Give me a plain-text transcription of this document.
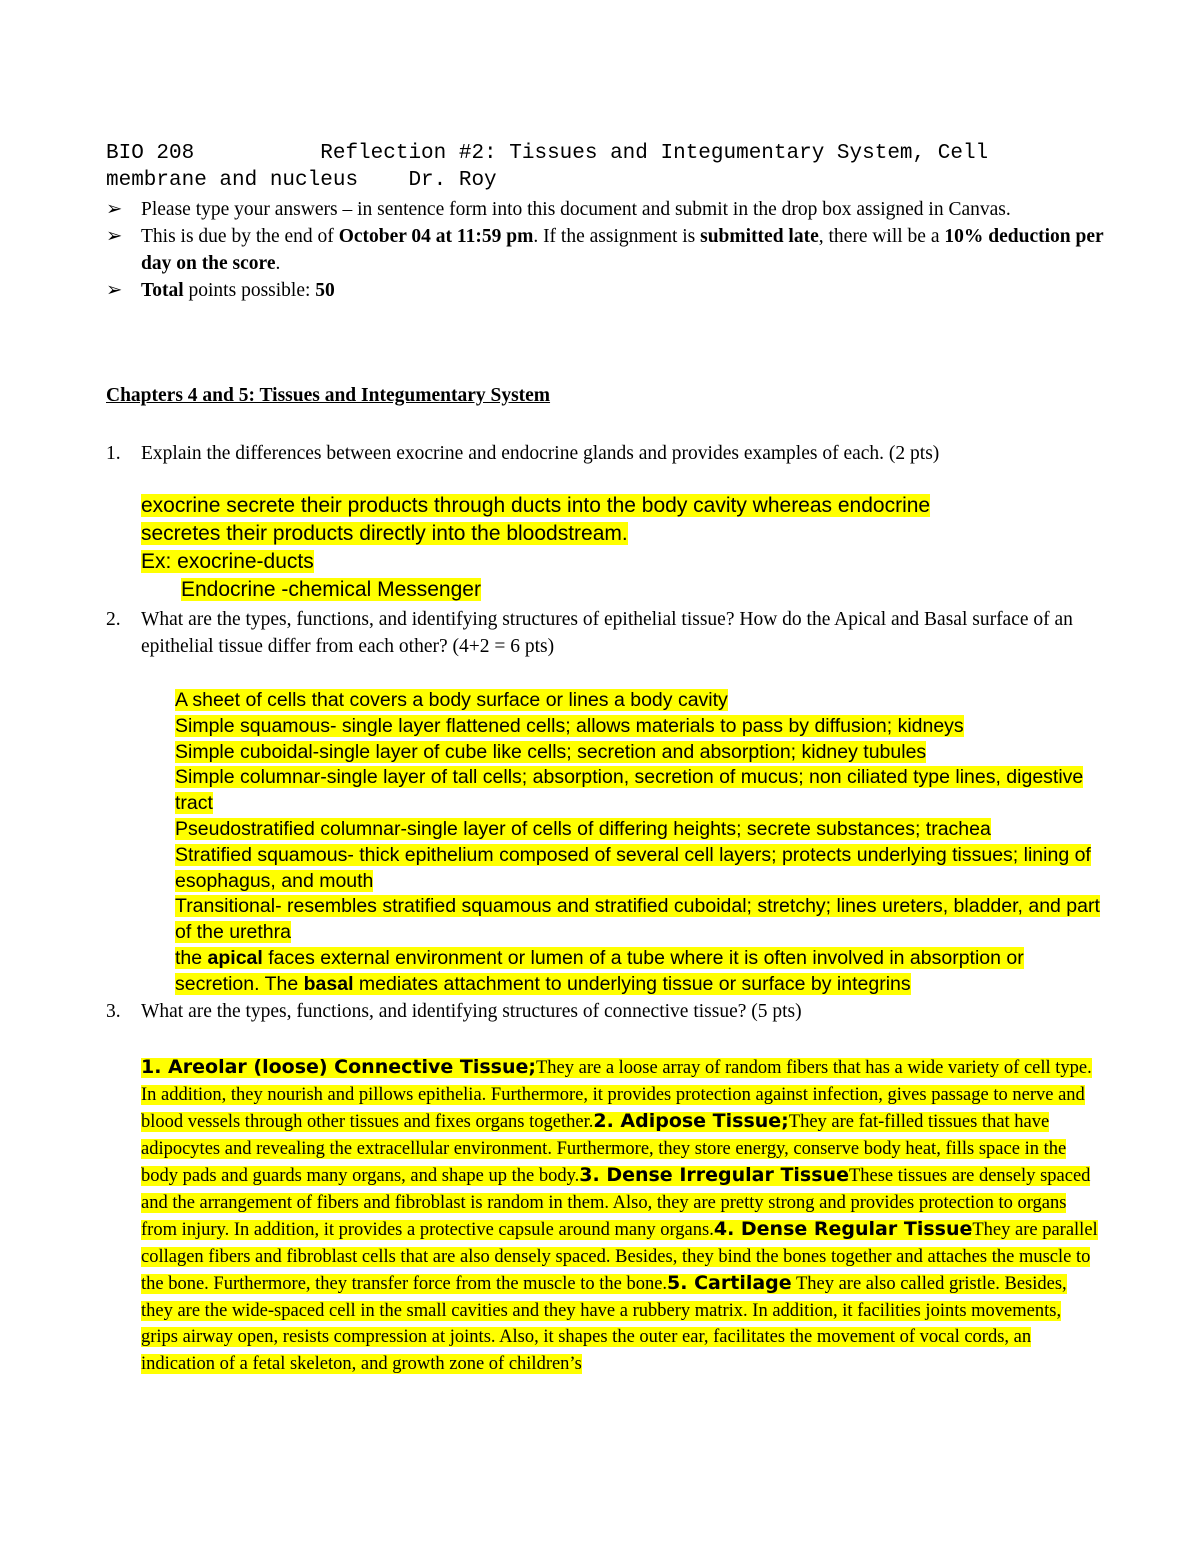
BIO 208          Reflection #2: Tissues and Integumentary System, Cell
membrane and nucleus    Dr. Roy
➢ Please type your answers – in sentence form into this document and submit in the drop box assigned in Canvas.
➢ This is due by the end of October 04 at 11:59 pm. If the assignment is submitted late, there will be a 10% deduction per day on the score.
➢ Total points possible: 50
Chapters 4 and 5: Tissues and Integumentary System
1. Explain the differences between exocrine and endocrine glands and provides examples of each. (2 pts)
exocrine secrete their products through ducts into the body cavity whereas endocrine
secretes their products directly into the bloodstream.
Ex: exocrine-ducts
Endocrine -chemical Messenger
2. What are the types, functions, and identifying structures of epithelial tissue? How do the Apical and Basal surface of an epithelial tissue differ from each other? (4+2 = 6 pts)
A sheet of cells that covers a body surface or lines a body cavity
Simple squamous- single layer flattened cells; allows materials to pass by diffusion; kidneys
Simple cuboidal-single layer of cube like cells; secretion and absorption; kidney tubules
Simple columnar-single layer of tall cells; absorption, secretion of mucus; non ciliated type lines, digestive tract
Pseudostratified columnar-single layer of cells of differing heights; secrete substances; trachea
Stratified squamous- thick epithelium composed of several cell layers; protects underlying tissues; lining of esophagus, and mouth
Transitional- resembles stratified squamous and stratified cuboidal; stretchy; lines ureters, bladder, and part of the urethra
the apical faces external environment or lumen of a tube where it is often involved in absorption or secretion. The basal mediates attachment to underlying tissue or surface by integrins
3. What are the types, functions, and identifying structures of connective tissue? (5 pts)
1. Areolar (loose) Connective Tissue;They are a loose array of random fibers that has a wide variety of cell type. In addition, they nourish and pillows epithelia. Furthermore, it provides protection against infection, gives passage to nerve and blood vessels through other tissues and fixes organs together.2. Adipose Tissue;They are fat-filled tissues that have adipocytes and revealing the extracellular environment. Furthermore, they store energy, conserve body heat, fills space in the body pads and guards many organs, and shape up the body.3. Dense Irregular TissueThese tissues are densely spaced and the arrangement of fibers and fibroblast is random in them. Also, they are pretty strong and provides protection to organs from injury. In addition, it provides a protective capsule around many organs.4. Dense Regular TissueThey are parallel collagen fibers and fibroblast cells that are also densely spaced. Besides, they bind the bones together and attaches the muscle to the bone. Furthermore, they transfer force from the muscle to the bone.5. Cartilage They are also called gristle. Besides, they are the wide-spaced cell in the small cavities and they have a rubbery matrix. In addition, it facilities joints movements, grips airway open, resists compression at joints. Also, it shapes the outer ear, facilitates the movement of vocal cords, an indication of a fetal skeleton, and growth zone of children’s
